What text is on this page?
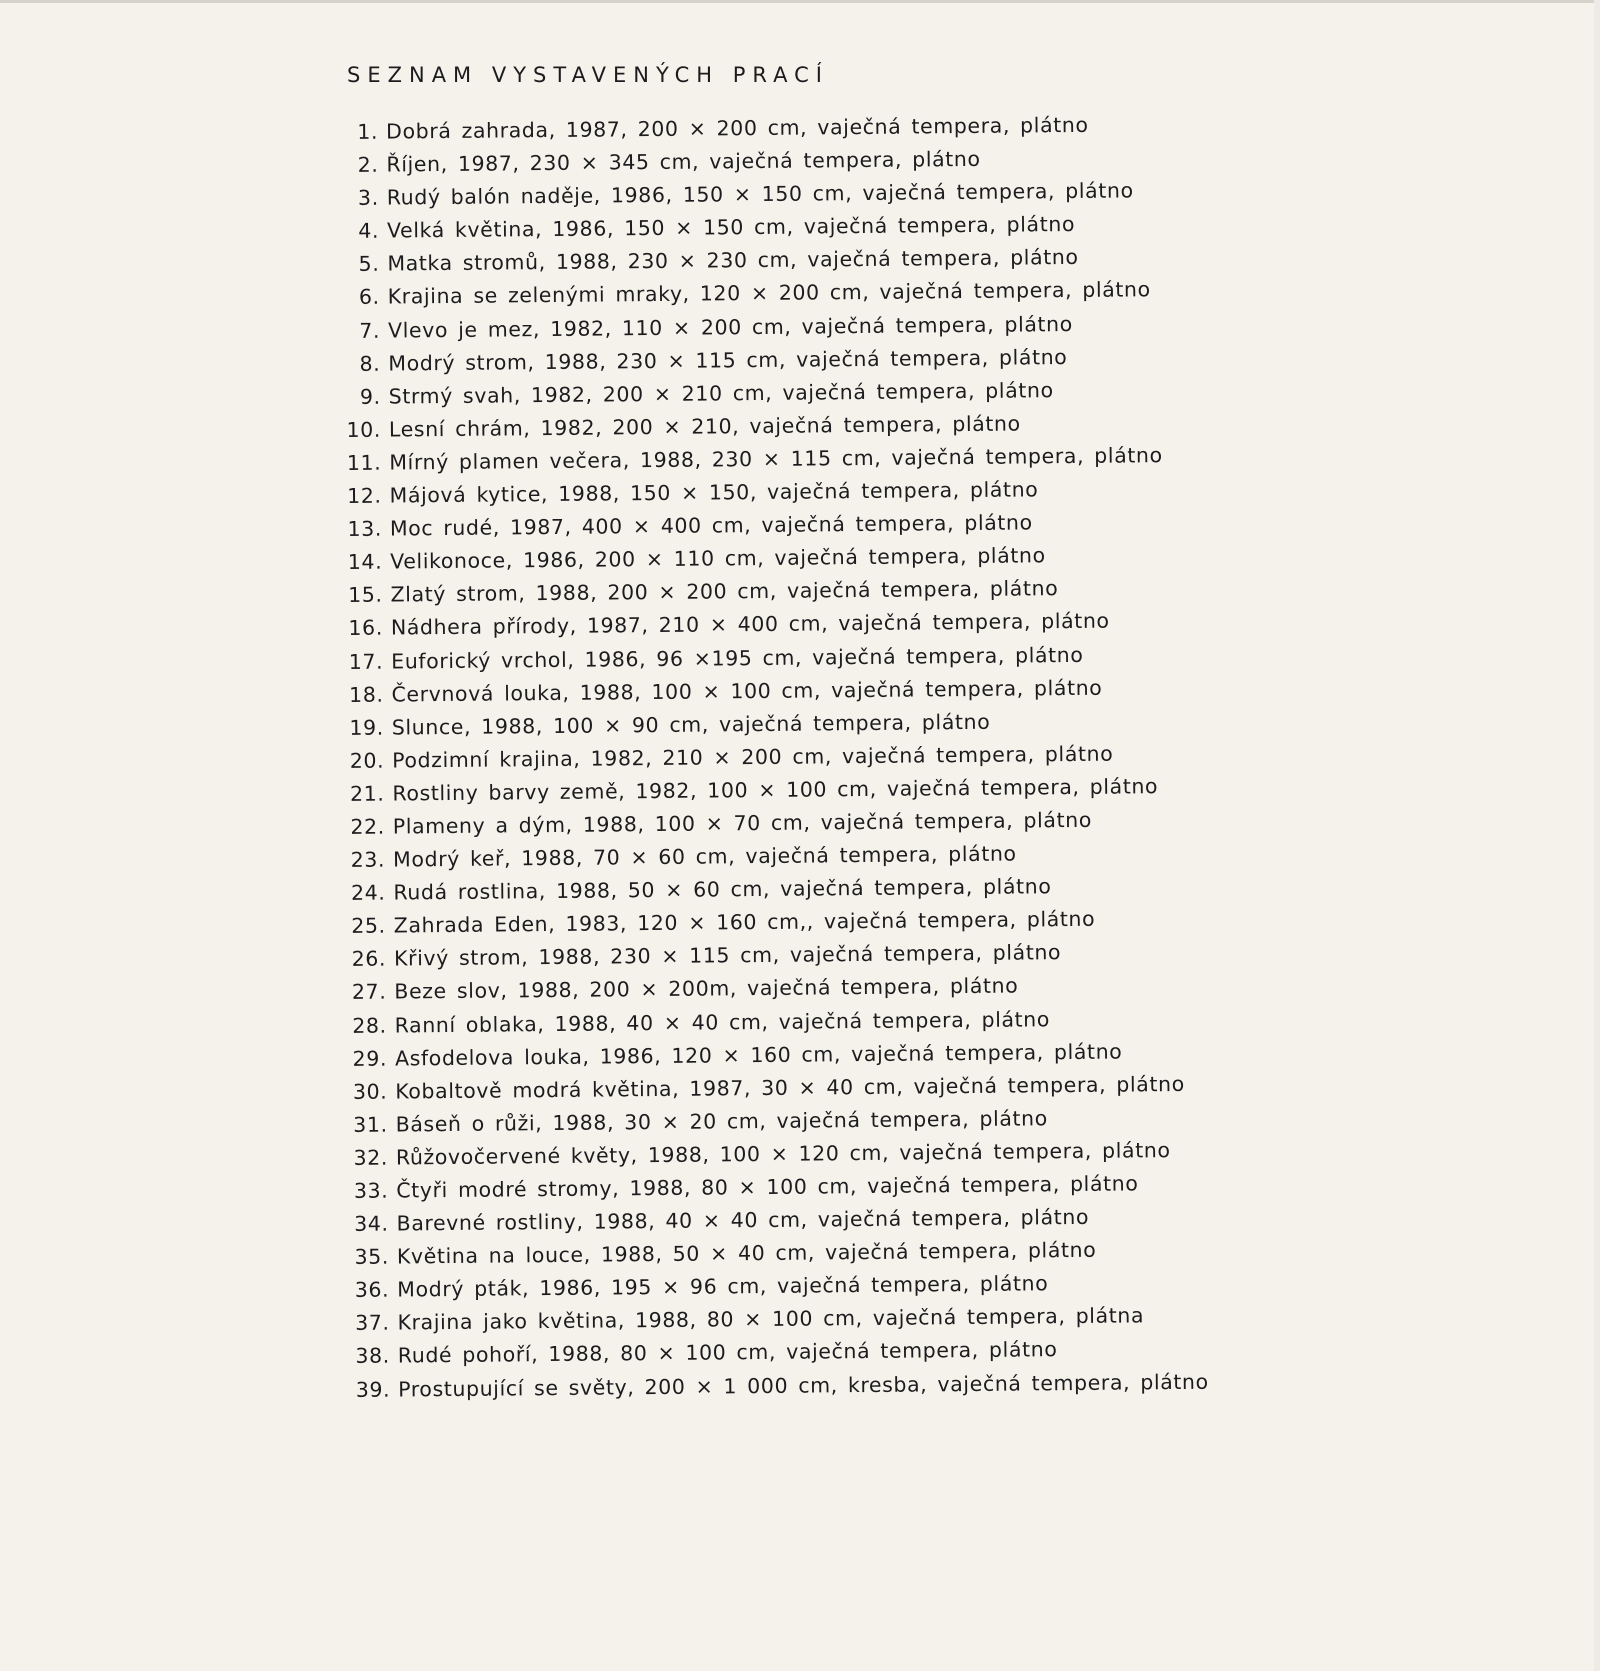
SEZNAM VYSTAVENÝCH PRACÍ
1. Dobrá zahrada, 1987, 200 × 200 cm, vaječná tempera, plátno
2. Říjen, 1987, 230 × 345 cm, vaječná tempera, plátno
3. Rudý balón naděje, 1986, 150 × 150 cm, vaječná tempera, plátno
4. Velká květina, 1986, 150 × 150 cm, vaječná tempera, plátno
5. Matka stromů, 1988, 230 × 230 cm, vaječná tempera, plátno
6. Krajina se zelenými mraky, 120 × 200 cm, vaječná tempera, plátno
7. Vlevo je mez, 1982, 110 × 200 cm, vaječná tempera, plátno
8. Modrý strom, 1988, 230 × 115 cm, vaječná tempera, plátno
9. Strmý svah, 1982, 200 × 210 cm, vaječná tempera, plátno
10. Lesní chrám, 1982, 200 × 210, vaječná tempera, plátno
11. Mírný plamen večera, 1988, 230 × 115 cm, vaječná tempera, plátno
12. Májová kytice, 1988, 150 × 150, vaječná tempera, plátno
13. Moc rudé, 1987, 400 × 400 cm, vaječná tempera, plátno
14. Velikonoce, 1986, 200 × 110 cm, vaječná tempera, plátno
15. Zlatý strom, 1988, 200 × 200 cm, vaječná tempera, plátno
16. Nádhera přírody, 1987, 210 × 400 cm, vaječná tempera, plátno
17. Euforický vrchol, 1986, 96 ×195 cm, vaječná tempera, plátno
18. Červnová louka, 1988, 100 × 100 cm, vaječná tempera, plátno
19. Slunce, 1988, 100 × 90 cm, vaječná tempera, plátno
20. Podzimní krajina, 1982, 210 × 200 cm, vaječná tempera, plátno
21. Rostliny barvy země, 1982, 100 × 100 cm, vaječná tempera, plátno
22. Plameny a dým, 1988, 100 × 70 cm, vaječná tempera, plátno
23. Modrý keř, 1988, 70 × 60 cm, vaječná tempera, plátno
24. Rudá rostlina, 1988, 50 × 60 cm, vaječná tempera, plátno
25. Zahrada Eden, 1983, 120 × 160 cm,, vaječná tempera, plátno
26. Křivý strom, 1988, 230 × 115 cm, vaječná tempera, plátno
27. Beze slov, 1988, 200 × 200m, vaječná tempera, plátno
28. Ranní oblaka, 1988, 40 × 40 cm, vaječná tempera, plátno
29. Asfodelova louka, 1986, 120 × 160 cm, vaječná tempera, plátno
30. Kobaltově modrá květina, 1987, 30 × 40 cm, vaječná tempera, plátno
31. Báseň o růži, 1988, 30 × 20 cm, vaječná tempera, plátno
32. Růžovočervené květy, 1988, 100 × 120 cm, vaječná tempera, plátno
33. Čtyři modré stromy, 1988, 80 × 100 cm, vaječná tempera, plátno
34. Barevné rostliny, 1988, 40 × 40 cm, vaječná tempera, plátno
35. Květina na louce, 1988, 50 × 40 cm, vaječná tempera, plátno
36. Modrý pták, 1986, 195 × 96 cm, vaječná tempera, plátno
37. Krajina jako květina, 1988, 80 × 100 cm, vaječná tempera, plátna
38. Rudé pohoří, 1988, 80 × 100 cm, vaječná tempera, plátno
39. Prostupující se světy, 200 × 1 000 cm, kresba, vaječná tempera, plátno
